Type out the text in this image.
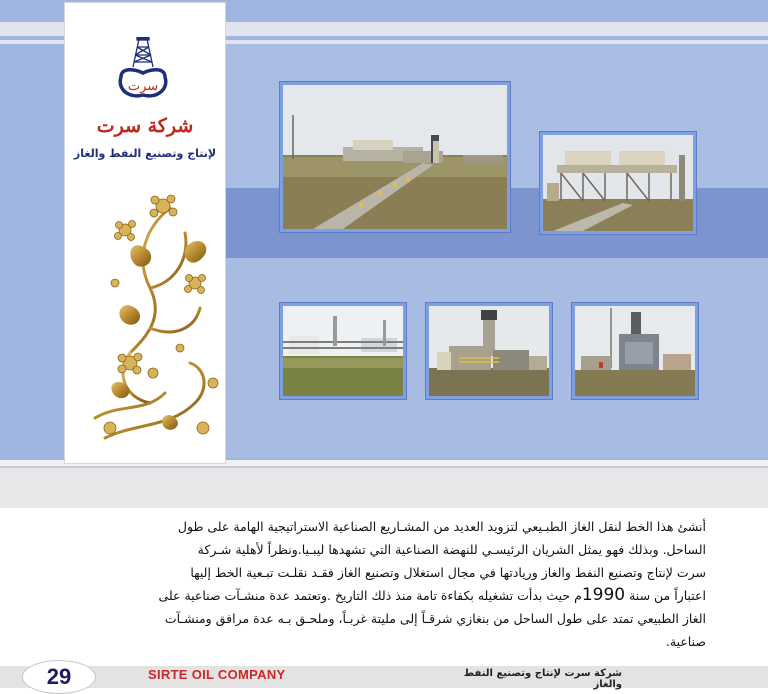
سرت
شركة سرت
لإنتاج وتصنيع النفط والغاز
أنشئ هذا الخط لنقل الغاز الطبـيعي لتزويد العديد من المشـاريع الصناعية الاستراتيجية الهامة على طول
الساحل. وبذلك فهو يمثل الشريان الرئيسـي للنهضة الصناعية التي تشهدها ليبـيا.ونظراً لأهلية شـركة
سرت لإنتاج وتصنيع النفط والغاز وريادتها في مجال استغلال وتصنيع الغاز فقـد نقلـت تبـعية الخط إليها
اعتباراً من سنة 1990م حيث بدأت تشغيله بكفاءة تامة منذ ذلك التاريخ .وتعتمد عدة منشـآت صناعية على
الغاز الطبيعي تمتد على طول الساحل من بنغازي شرقـاً إلى مليتة غربـاً، وملحـق بـه عدة مرافق ومنشـآت
صناعية.
29	SIRTE OIL COMPANY	شركة سرت لإنتاج وتصنيع النفط والغاز
